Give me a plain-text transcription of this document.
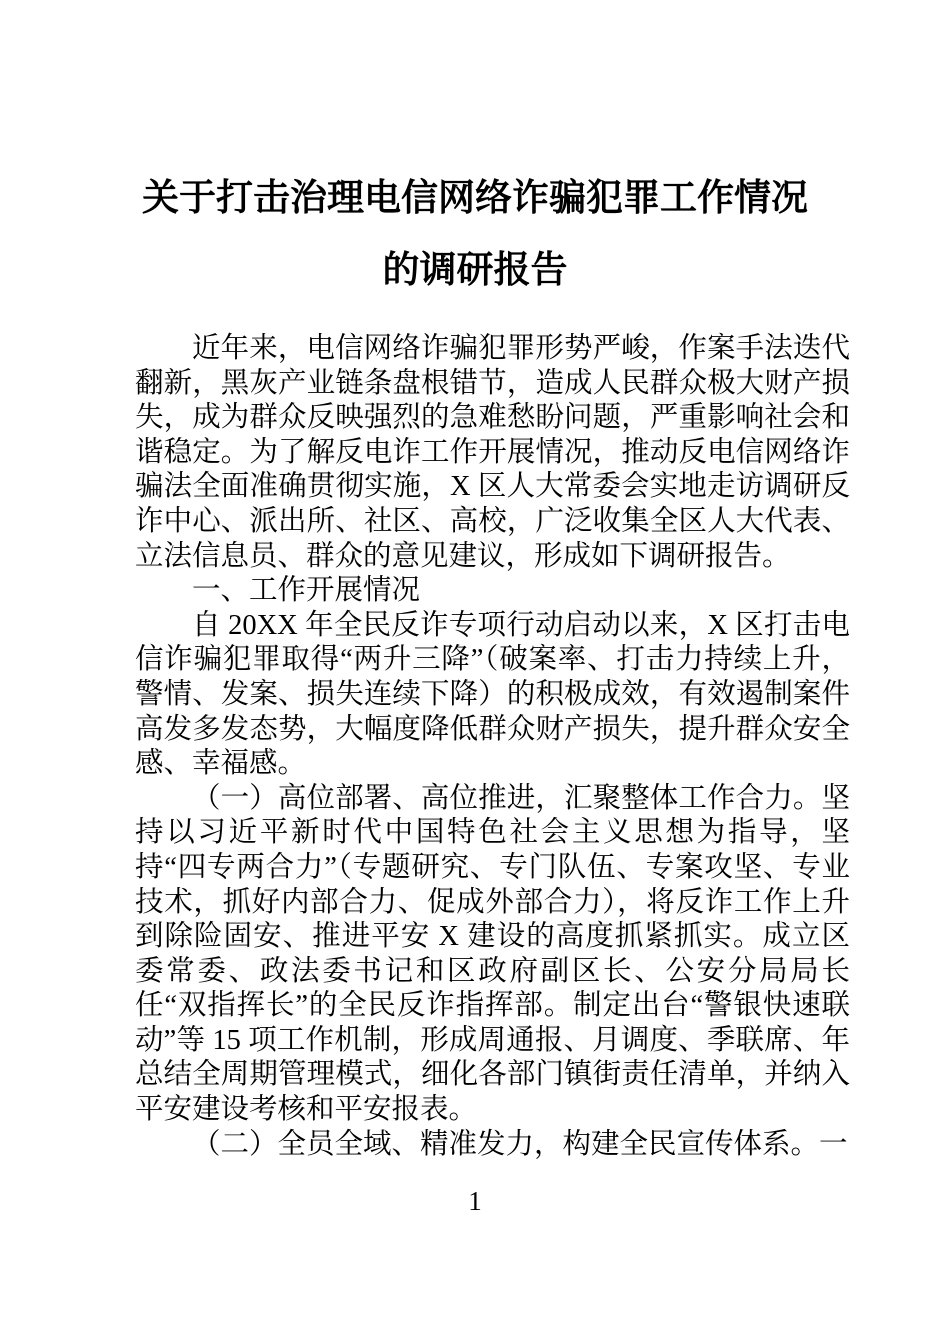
关于打击治理电信网络诈骗犯罪工作情况
的调研报告

近年来，电信网络诈骗犯罪形势严峻，作案手法迭代翻新，黑灰产业链条盘根错节，造成人民群众极大财产损失，成为群众反映强烈的急难愁盼问题，严重影响社会和谐稳定。为了解反电诈工作开展情况，推动反电信网络诈骗法全面准确贯彻实施，X 区人大常委会实地走访调研反诈中心、派出所、社区、高校，广泛收集全区人大代表、立法信息员、群众的意见建议，形成如下调研报告。

一、工作开展情况

自 20XX 年全民反诈专项行动启动以来，X 区打击电信诈骗犯罪取得“两升三降”（破案率、打击力持续上升，警情、发案、损失连续下降）的积极成效，有效遏制案件高发多发态势，大幅度降低群众财产损失，提升群众安全感、幸福感。

（一）高位部署、高位推进，汇聚整体工作合力。坚持以习近平新时代中国特色社会主义思想为指导，坚持“四专两合力”（专题研究、专门队伍、专案攻坚、专业技术，抓好内部合力、促成外部合力），将反诈工作上升到除险固安、推进平安 X 建设的高度抓紧抓实。成立区委常委、政法委书记和区政府副区长、公安分局局长任“双指挥长”的全民反诈指挥部。制定出台“警银快速联动”等 15 项工作机制，形成周通报、月调度、季联席、年总结全周期管理模式，细化各部门镇街责任清单，并纳入平安建设考核和平安报表。

（二）全员全域、精准发力，构建全民宣传体系。一

1
